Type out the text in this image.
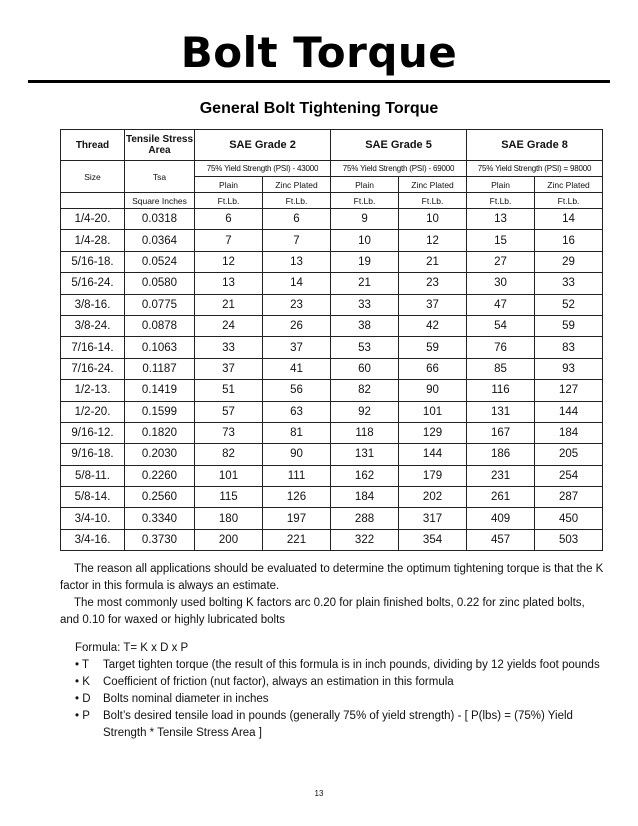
Bolt Torque
General Bolt Tightening Torque
Thread	Tensile Stress Area	SAE Grade 2		SAE Grade 5		SAE Grade 8	
Size	Tsa	75% Yield Strength (PSI) - 43000		75% Yield Strength (PSI) - 69000		75% Yield Strength (PSI) = 98000	
		Plain	Zinc Plated	Plain	Zinc Plated	Plain	Zinc Plated
	Square Inches	Ft.Lb.	Ft.Lb.	Ft.Lb.	Ft.Lb.	Ft.Lb.	Ft.Lb.
1/4-20.	0.0318	6	6	9	10	13	14
1/4-28.	0.0364	7	7	10	12	15	16
5/16-18.	0.0524	12	13	19	21	27	29
5/16-24.	0.0580	13	14	21	23	30	33
3/8-16.	0.0775	21	23	33	37	47	52
3/8-24.	0.0878	24	26	38	42	54	59
7/16-14.	0.1063	33	37	53	59	76	83
7/16-24.	0.1187	37	41	60	66	85	93
1/2-13.	0.1419	51	56	82	90	116	127
1/2-20.	0.1599	57	63	92	101	131	144
9/16-12.	0.1820	73	81	118	129	167	184
9/16-18.	0.2030	82	90	131	144	186	205
5/8-11.	0.2260	101	111	162	179	231	254
5/8-14.	0.2560	115	126	184	202	261	287
3/4-10.	0.3340	180	197	288	317	409	450
3/4-16.	0.3730	200	221	322	354	457	503
The reason all applications should be evaluated to determine the optimum tightening torque is that the K
factor in this formula is always an estimate.
The most commonly used bolting K factors arc 0.20 for plain finished bolts, 0.22 for zinc plated bolts,
and 0.10 for waxed or highly lubricated bolts
Formula: T= K x D x P
• T	Target tighten torque (the result of this formula is in inch pounds, dividing by 12 yields foot pounds
• K	Coefficient of friction (nut factor), always an estimation in this formula
• D	Bolts nominal diameter in inches
• P	Bolt’s desired tensile load in pounds (generally 75% of yield strength) - [ P(lbs) = (75%) Yield
Strength * Tensile Stress Area ]
13
